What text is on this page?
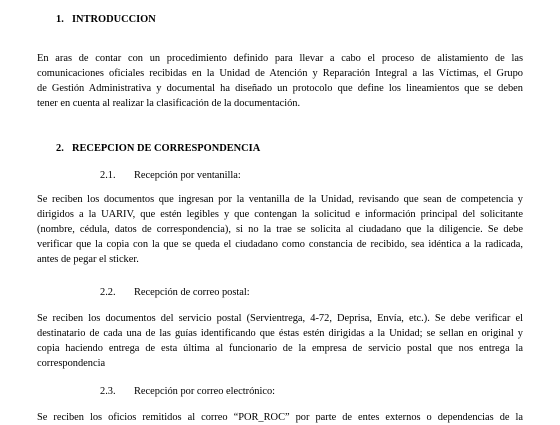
1. INTRODUCCION
En aras de contar con un procedimiento definido para llevar a cabo el proceso de alistamiento de las
comunicaciones oficiales recibidas en la Unidad de Atención y Reparación Integral a las Víctimas, el Grupo
de Gestión Administrativa y documental ha diseñado un protocolo que define los lineamientos que se deben
tener en cuenta al realizar la clasificación de la documentación.
2. RECEPCION DE CORRESPONDENCIA
2.1. Recepción por ventanilla:
Se reciben los documentos que ingresan por la ventanilla de la Unidad, revisando que sean de competencia y
dirigidos a la UARIV, que estén legibles y que contengan la solicitud e información principal del solicitante
(nombre, cédula, datos de correspondencia), si no la trae se solicita al ciudadano que la diligencie. Se debe
verificar que la copia con la que se queda el ciudadano como constancia de recibido, sea idéntica a la radicada,
antes de pegar el sticker.
2.2. Recepción de correo postal:
Se reciben los documentos del servicio postal (Servientrega, 4-72, Deprisa, Envía, etc.). Se debe verificar el
destinatario de cada una de las guías identificando que éstas estén dirigidas a la Unidad; se sellan en original y
copia haciendo entrega de esta última al funcionario de la empresa de servicio postal que nos entrega la
correspondencia
2.3. Recepción por correo electrónico:
Se reciben los oficios remitidos al correo “POR_ROC” por parte de entes externos o dependencias de la
